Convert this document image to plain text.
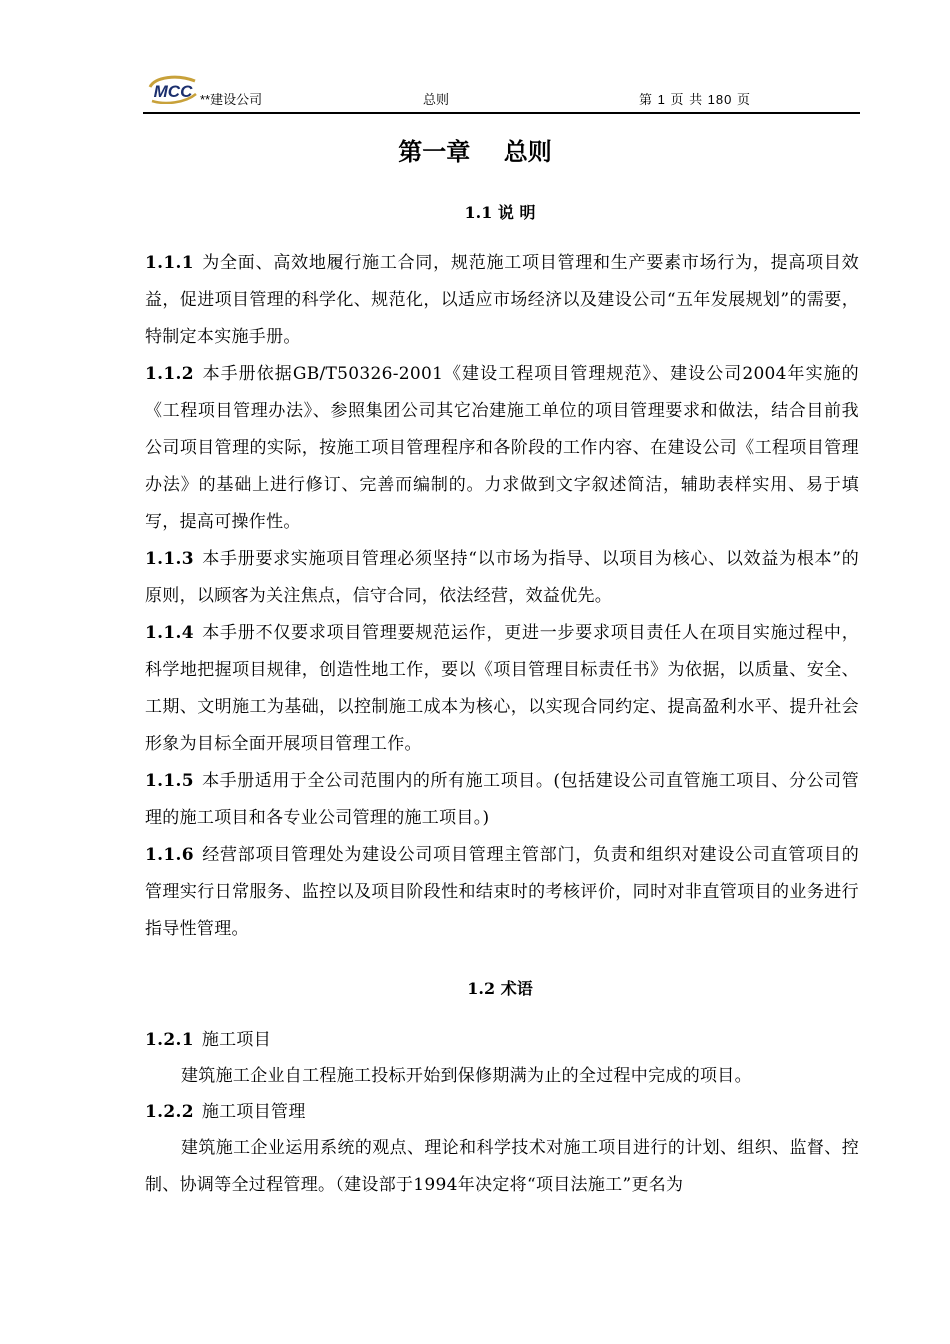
MCC **建设公司	总则	第 1 页 共 180 页
第一章    总则
1.1 说 明
1.1.1 为全面、高效地履行施工合同，规范施工项目管理和生产要素市场行为，提高项目效益，促进项目管理的科学化、规范化，以适应市场经济以及建设公司“五年发展规划”的需要，特制定本实施手册。
1.1.2 本手册依据GB/T50326-2001《建设工程项目管理规范》、建设公司2004年实施的《工程项目管理办法》、参照集团公司其它冶建施工单位的项目管理要求和做法，结合目前我公司项目管理的实际，按施工项目管理程序和各阶段的工作内容、在建设公司《工程项目管理办法》的基础上进行修订、完善而编制的。力求做到文字叙述简洁，辅助表样实用、易于填写，提高可操作性。
1.1.3 本手册要求实施项目管理必须坚持“以市场为指导、以项目为核心、以效益为根本”的原则，以顾客为关注焦点，信守合同，依法经营，效益优先。
1.1.4 本手册不仅要求项目管理要规范运作，更进一步要求项目责任人在项目实施过程中，科学地把握项目规律，创造性地工作，要以《项目管理目标责任书》为依据，以质量、安全、工期、文明施工为基础，以控制施工成本为核心，以实现合同约定、提高盈利水平、提升社会形象为目标全面开展项目管理工作。
1.1.5 本手册适用于全公司范围内的所有施工项目。(包括建设公司直管施工项目、分公司管理的施工项目和各专业公司管理的施工项目。)
1.1.6 经营部项目管理处为建设公司项目管理主管部门，负责和组织对建设公司直管项目的管理实行日常服务、监控以及项目阶段性和结束时的考核评价，同时对非直管项目的业务进行指导性管理。
1.2 术语
1.2.1 施工项目
建筑施工企业自工程施工投标开始到保修期满为止的全过程中完成的项目。
1.2.2 施工项目管理
建筑施工企业运用系统的观点、理论和科学技术对施工项目进行的计划、组织、监督、控制、协调等全过程管理。（建设部于1994年决定将“项目法施工”更名为
